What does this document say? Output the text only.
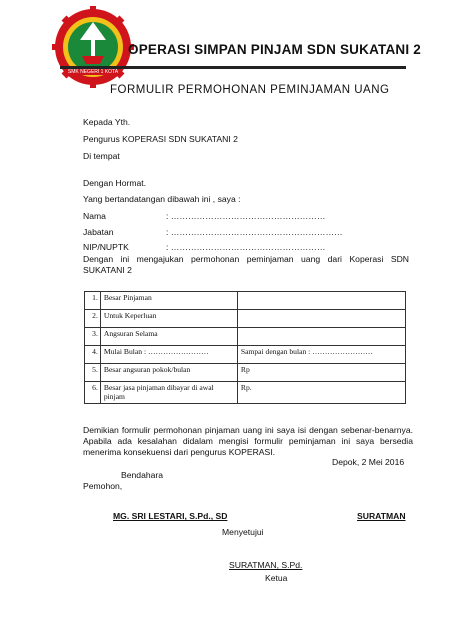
SMK NEGERI 1 KOTA
OPERASI SIMPAN PINJAM SDN SUKATANI 2
FORMULIR PERMOHONAN PEMINJAMAN UANG
Kepada Yth.
Pengurus KOPERASI SDN SUKATANI 2
Di tempat
Dengan Hormat.
Yang bertandatangan dibawah ini , saya :
Nama	: ………………………………………………
Jabatan	: ……………………………………………………
NIP/NUPTK	: ………………………………………………
Dengan ini mengajukan permohonan peminjaman uang dari Koperasi SDN SUKATANI 2
1.	Besar Pinjaman	
2.	Untuk Keperluan	
3.	Angsuran Selama	
4.	Mulai Bulan : ……………………	Sampai dengan bulan : ……………………
5.	Besar angsuran pokok/bulan	Rp
6.	Besar jasa pinjaman dibayar di awal pinjam	Rp.
Demikian formulir permohonan pinjaman uang ini saya isi dengan sebenar-benarnya. Apabila ada kesalahan didalam mengisi formulir peminjaman ini saya bersedia menerima konsekuensi dari pengurus KOPERASI.
Depok, 2 Mei 2016
Bendahara
Pemohon,
MG. SRI LESTARI, S.Pd., SD	SURATMAN
Menyetujui
SURATMAN, S.Pd.
Ketua
